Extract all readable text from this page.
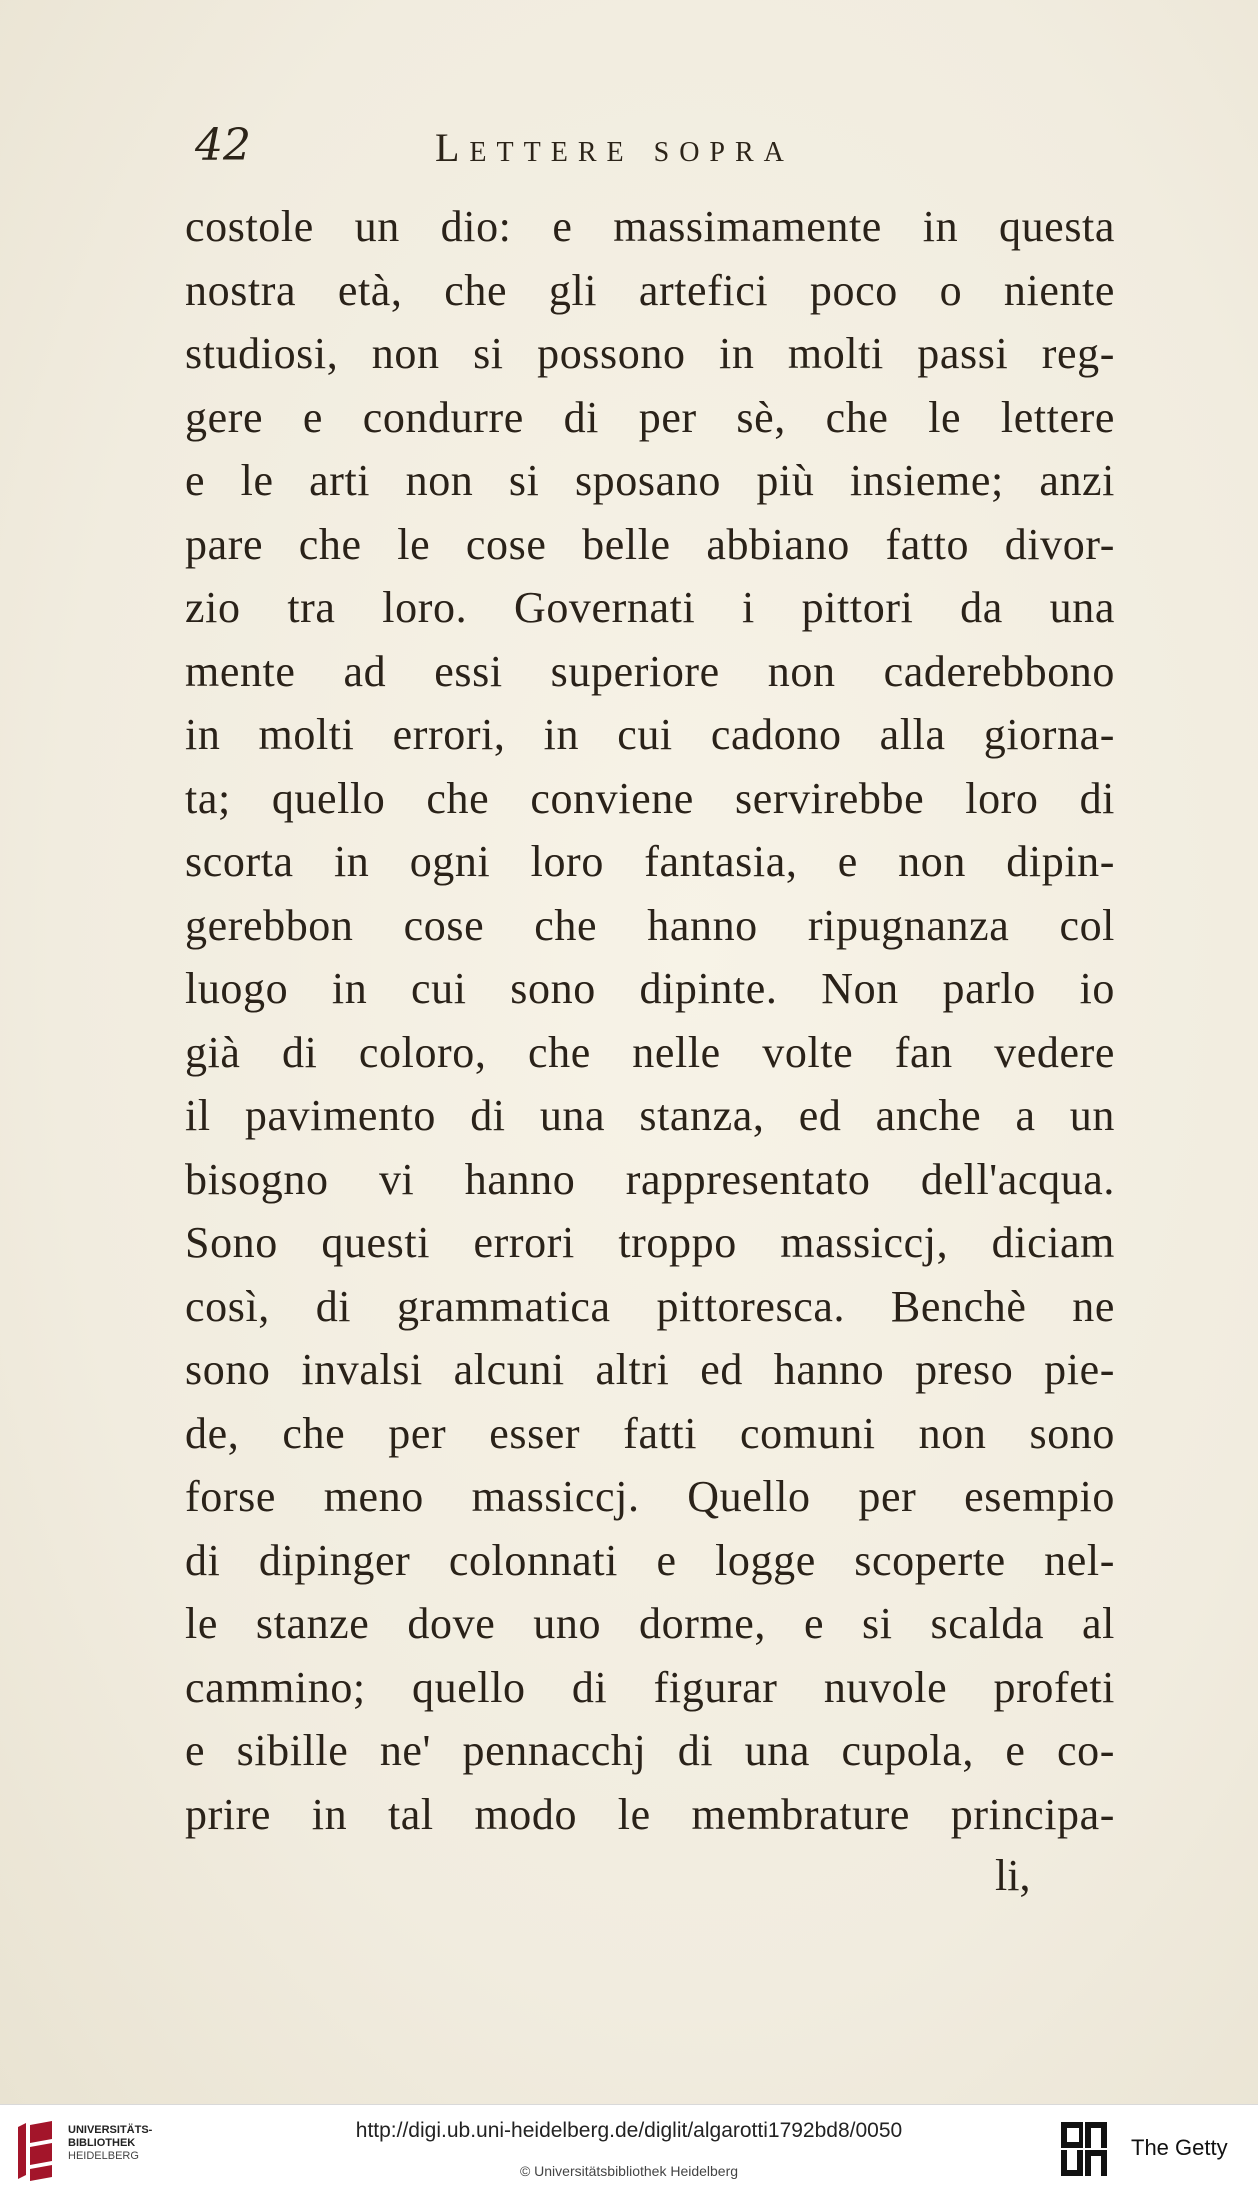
42	Lettere sopra
costole un dio: e massimamente in questa
nostra età, che gli artefici poco o niente
studiosi, non si possono in molti passi reg-
gere e condurre di per sè, che le lettere
e le arti non si sposano più insieme; anzi
pare che le cose belle abbiano fatto divor-
zio tra loro. Governati i pittori da una
mente ad essi superiore non caderebbono
in molti errori, in cui cadono alla giorna-
ta; quello che conviene servirebbe loro di
scorta in ogni loro fantasia, e non dipin-
gerebbon cose che hanno ripugnanza col
luogo in cui sono dipinte. Non parlo io
già di coloro, che nelle volte fan vedere
il pavimento di una stanza, ed anche a un
bisogno vi hanno rappresentato dell'acqua.
Sono questi errori troppo massiccj, diciam
così, di grammatica pittoresca. Benchè ne
sono invalsi alcuni altri ed hanno preso pie-
de, che per esser fatti comuni non sono
forse meno massiccj. Quello per esempio
di dipinger colonnati e logge scoperte nel-
le stanze dove uno dorme, e si scalda al
cammino; quello di figurar nuvole profeti
e sibille ne' pennacchj di una cupola, e co-
prire in tal modo le membrature principa-
li,
UNIVERSITÄTS-
BIBLIOTHEK
HEIDELBERG
http://digi.ub.uni-heidelberg.de/diglit/algarotti1792bd8/0050
© Universitätsbibliothek Heidelberg
The Getty
